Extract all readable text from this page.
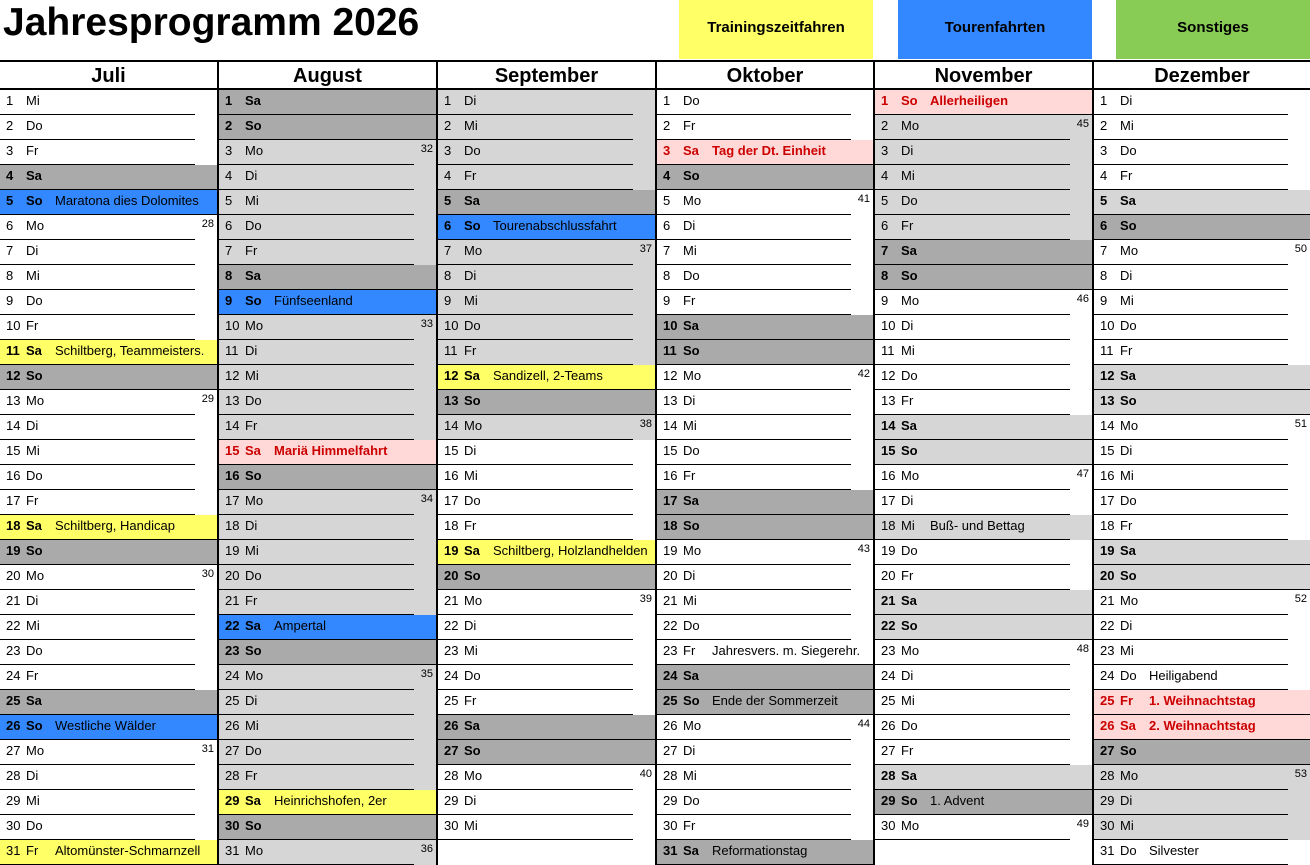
Jahresprogramm 2026	Trainingszeitfahren	Tourenfahrten	Sonstiges
Juli
1 Mi
2 Do
3 Fr
4 Sa
5 So Maratona dies Dolomites
6 Mo	28
7 Di
8 Mi
9 Do
10 Fr
11 Sa Schiltberg, Teammeisters.
12 So
13 Mo	29
14 Di
15 Mi
16 Do
17 Fr
18 Sa Schiltberg, Handicap
19 So
20 Mo	30
21 Di
22 Mi
23 Do
24 Fr
25 Sa
26 So Westliche Wälder
27 Mo	31
28 Di
29 Mi
30 Do
31 Fr Altomünster-Schmarnzell
August
1 Sa
2 So
3 Mo	32
4 Di
5 Mi
6 Do
7 Fr
8 Sa
9 So Fünfseenland
10 Mo	33
11 Di
12 Mi
13 Do
14 Fr
15 Sa Mariä Himmelfahrt
16 So
17 Mo	34
18 Di
19 Mi
20 Do
21 Fr
22 Sa Ampertal
23 So
24 Mo	35
25 Di
26 Mi
27 Do
28 Fr
29 Sa Heinrichshofen, 2er
30 So
31 Mo	36
September
1 Di
2 Mi
3 Do
4 Fr
5 Sa
6 So Tourenabschlussfahrt
7 Mo	37
8 Di
9 Mi
10 Do
11 Fr
12 Sa Sandizell, 2-Teams
13 So
14 Mo	38
15 Di
16 Mi
17 Do
18 Fr
19 Sa Schiltberg, Holzlandhelden
20 So
21 Mo	39
22 Di
23 Mi
24 Do
25 Fr
26 Sa
27 So
28 Mo	40
29 Di
30 Mi
Oktober
1 Do
2 Fr
3 Sa Tag der Dt. Einheit
4 So
5 Mo	41
6 Di
7 Mi
8 Do
9 Fr
10 Sa
11 So
12 Mo	42
13 Di
14 Mi
15 Do
16 Fr
17 Sa
18 So
19 Mo	43
20 Di
21 Mi
22 Do
23 Fr Jahresvers. m. Siegerehr.
24 Sa
25 So Ende der Sommerzeit
26 Mo	44
27 Di
28 Mi
29 Do
30 Fr
31 Sa Reformationstag
November
1 So Allerheiligen
2 Mo	45
3 Di
4 Mi
5 Do
6 Fr
7 Sa
8 So
9 Mo	46
10 Di
11 Mi
12 Do
13 Fr
14 Sa
15 So
16 Mo	47
17 Di
18 Mi Buß- und Bettag
19 Do
20 Fr
21 Sa
22 So
23 Mo	48
24 Di
25 Mi
26 Do
27 Fr
28 Sa
29 So 1. Advent
30 Mo	49
Dezember
1 Di
2 Mi
3 Do
4 Fr
5 Sa
6 So
7 Mo	50
8 Di
9 Mi
10 Do
11 Fr
12 Sa
13 So
14 Mo	51
15 Di
16 Mi
17 Do
18 Fr
19 Sa
20 So
21 Mo	52
22 Di
23 Mi
24 Do Heiligabend
25 Fr 1. Weihnachtstag
26 Sa 2. Weihnachtstag
27 So
28 Mo	53
29 Di
30 Mi
31 Do Silvester
